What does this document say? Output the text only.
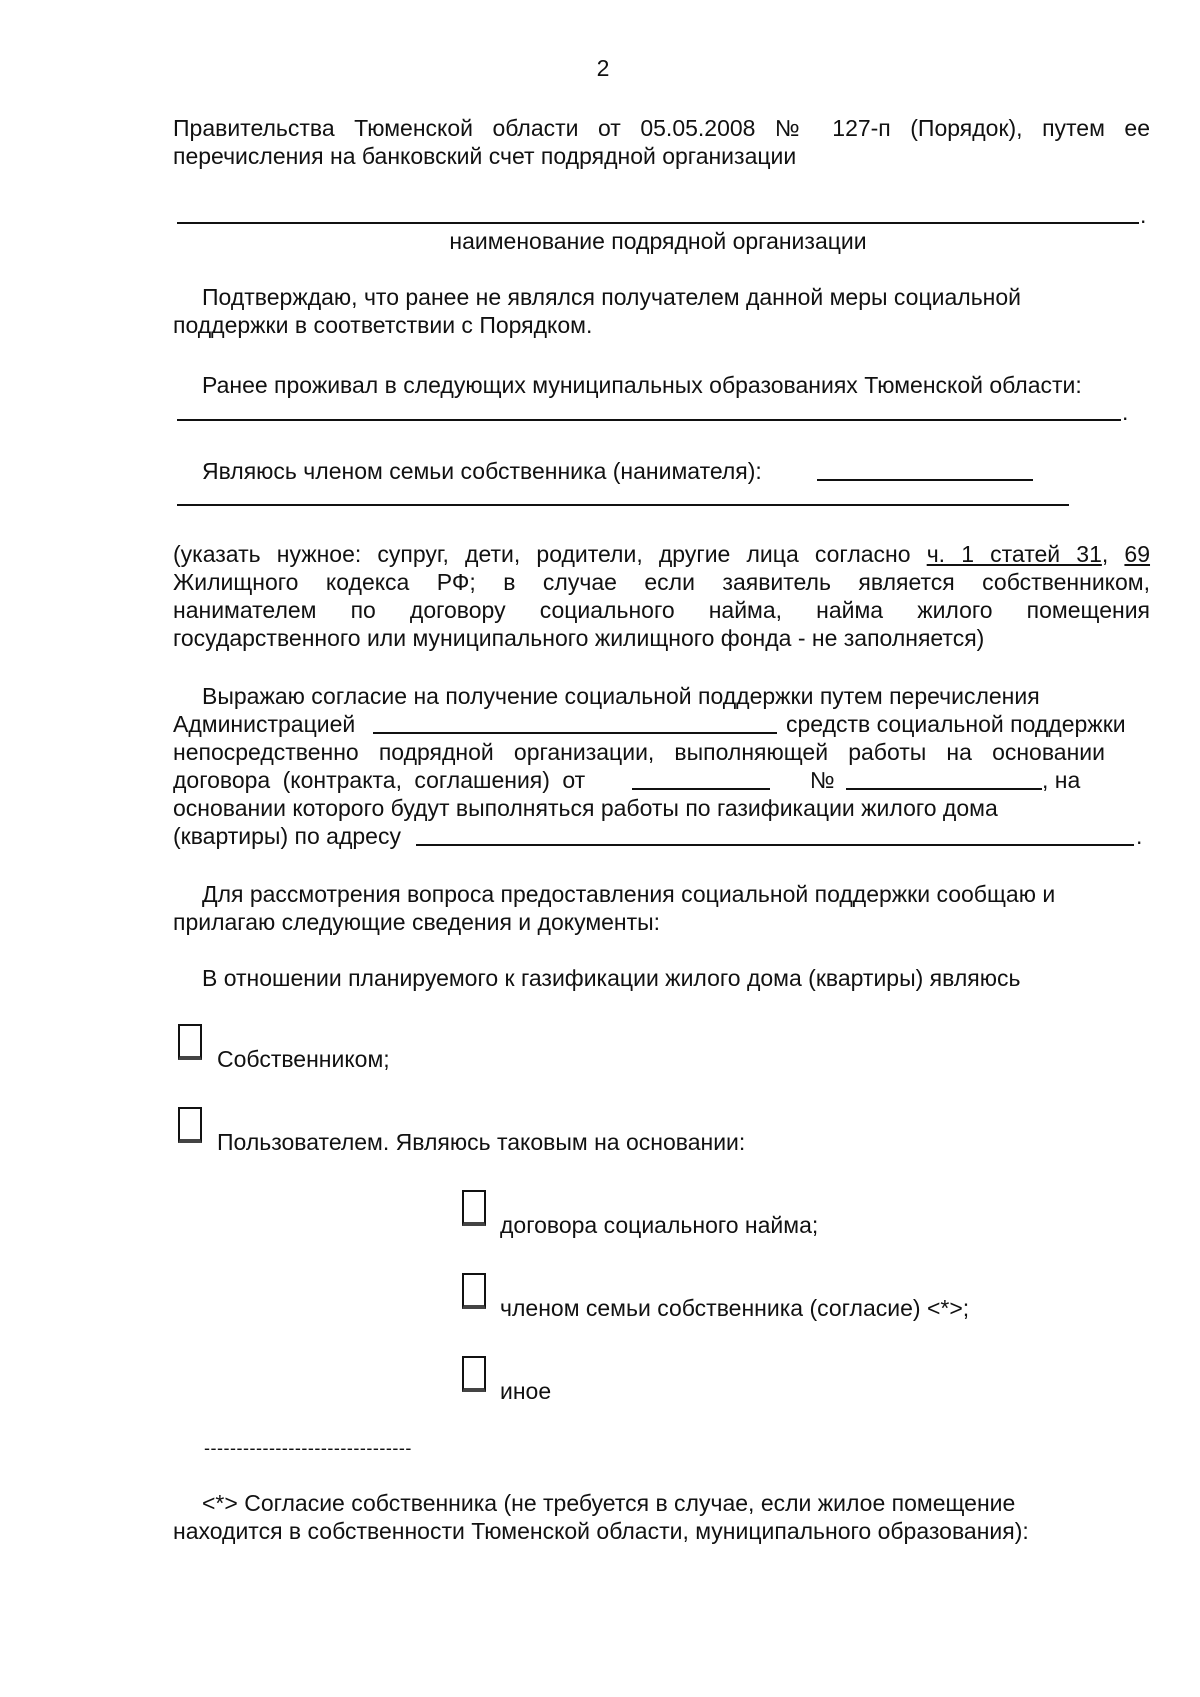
2
Правительства Тюменской области от 05.05.2008 № 127-п (Порядок), путем ее
перечисления на банковский счет подрядной организации
.
наименование подрядной организации
Подтверждаю, что ранее не являлся получателем данной меры социальной
поддержки в соответствии с Порядком.
Ранее проживал в следующих муниципальных образованиях Тюменской области:
.
Являюсь членом семьи собственника (нанимателя):
(указать нужное: супруг, дети, родители, другие лица согласно ч. 1 статей 31, 69
Жилищного кодекса РФ; в случае если заявитель является собственником,
нанимателем по договору социального найма, найма жилого помещения
государственного или муниципального жилищного фонда - не заполняется)
Выражаю согласие на получение социальной поддержки путем перечисления
Администрацией	средств социальной поддержки
непосредственно подрядной организации, выполняющей работы на основании
договора (контракта, соглашения) от	№	, на
основании которого будут выполняться работы по газификации жилого дома
(квартиры) по адресу	.
Для рассмотрения вопроса предоставления социальной поддержки сообщаю и
прилагаю следующие сведения и документы:
В отношении планируемого к газификации жилого дома (квартиры) являюсь
Собственником;
Пользователем. Являюсь таковым на основании:
договора социального найма;
членом семьи собственника (согласие) <*>;
иное
--------------------------------
<*> Согласие собственника (не требуется в случае, если жилое помещение
находится в собственности Тюменской области, муниципального образования):
